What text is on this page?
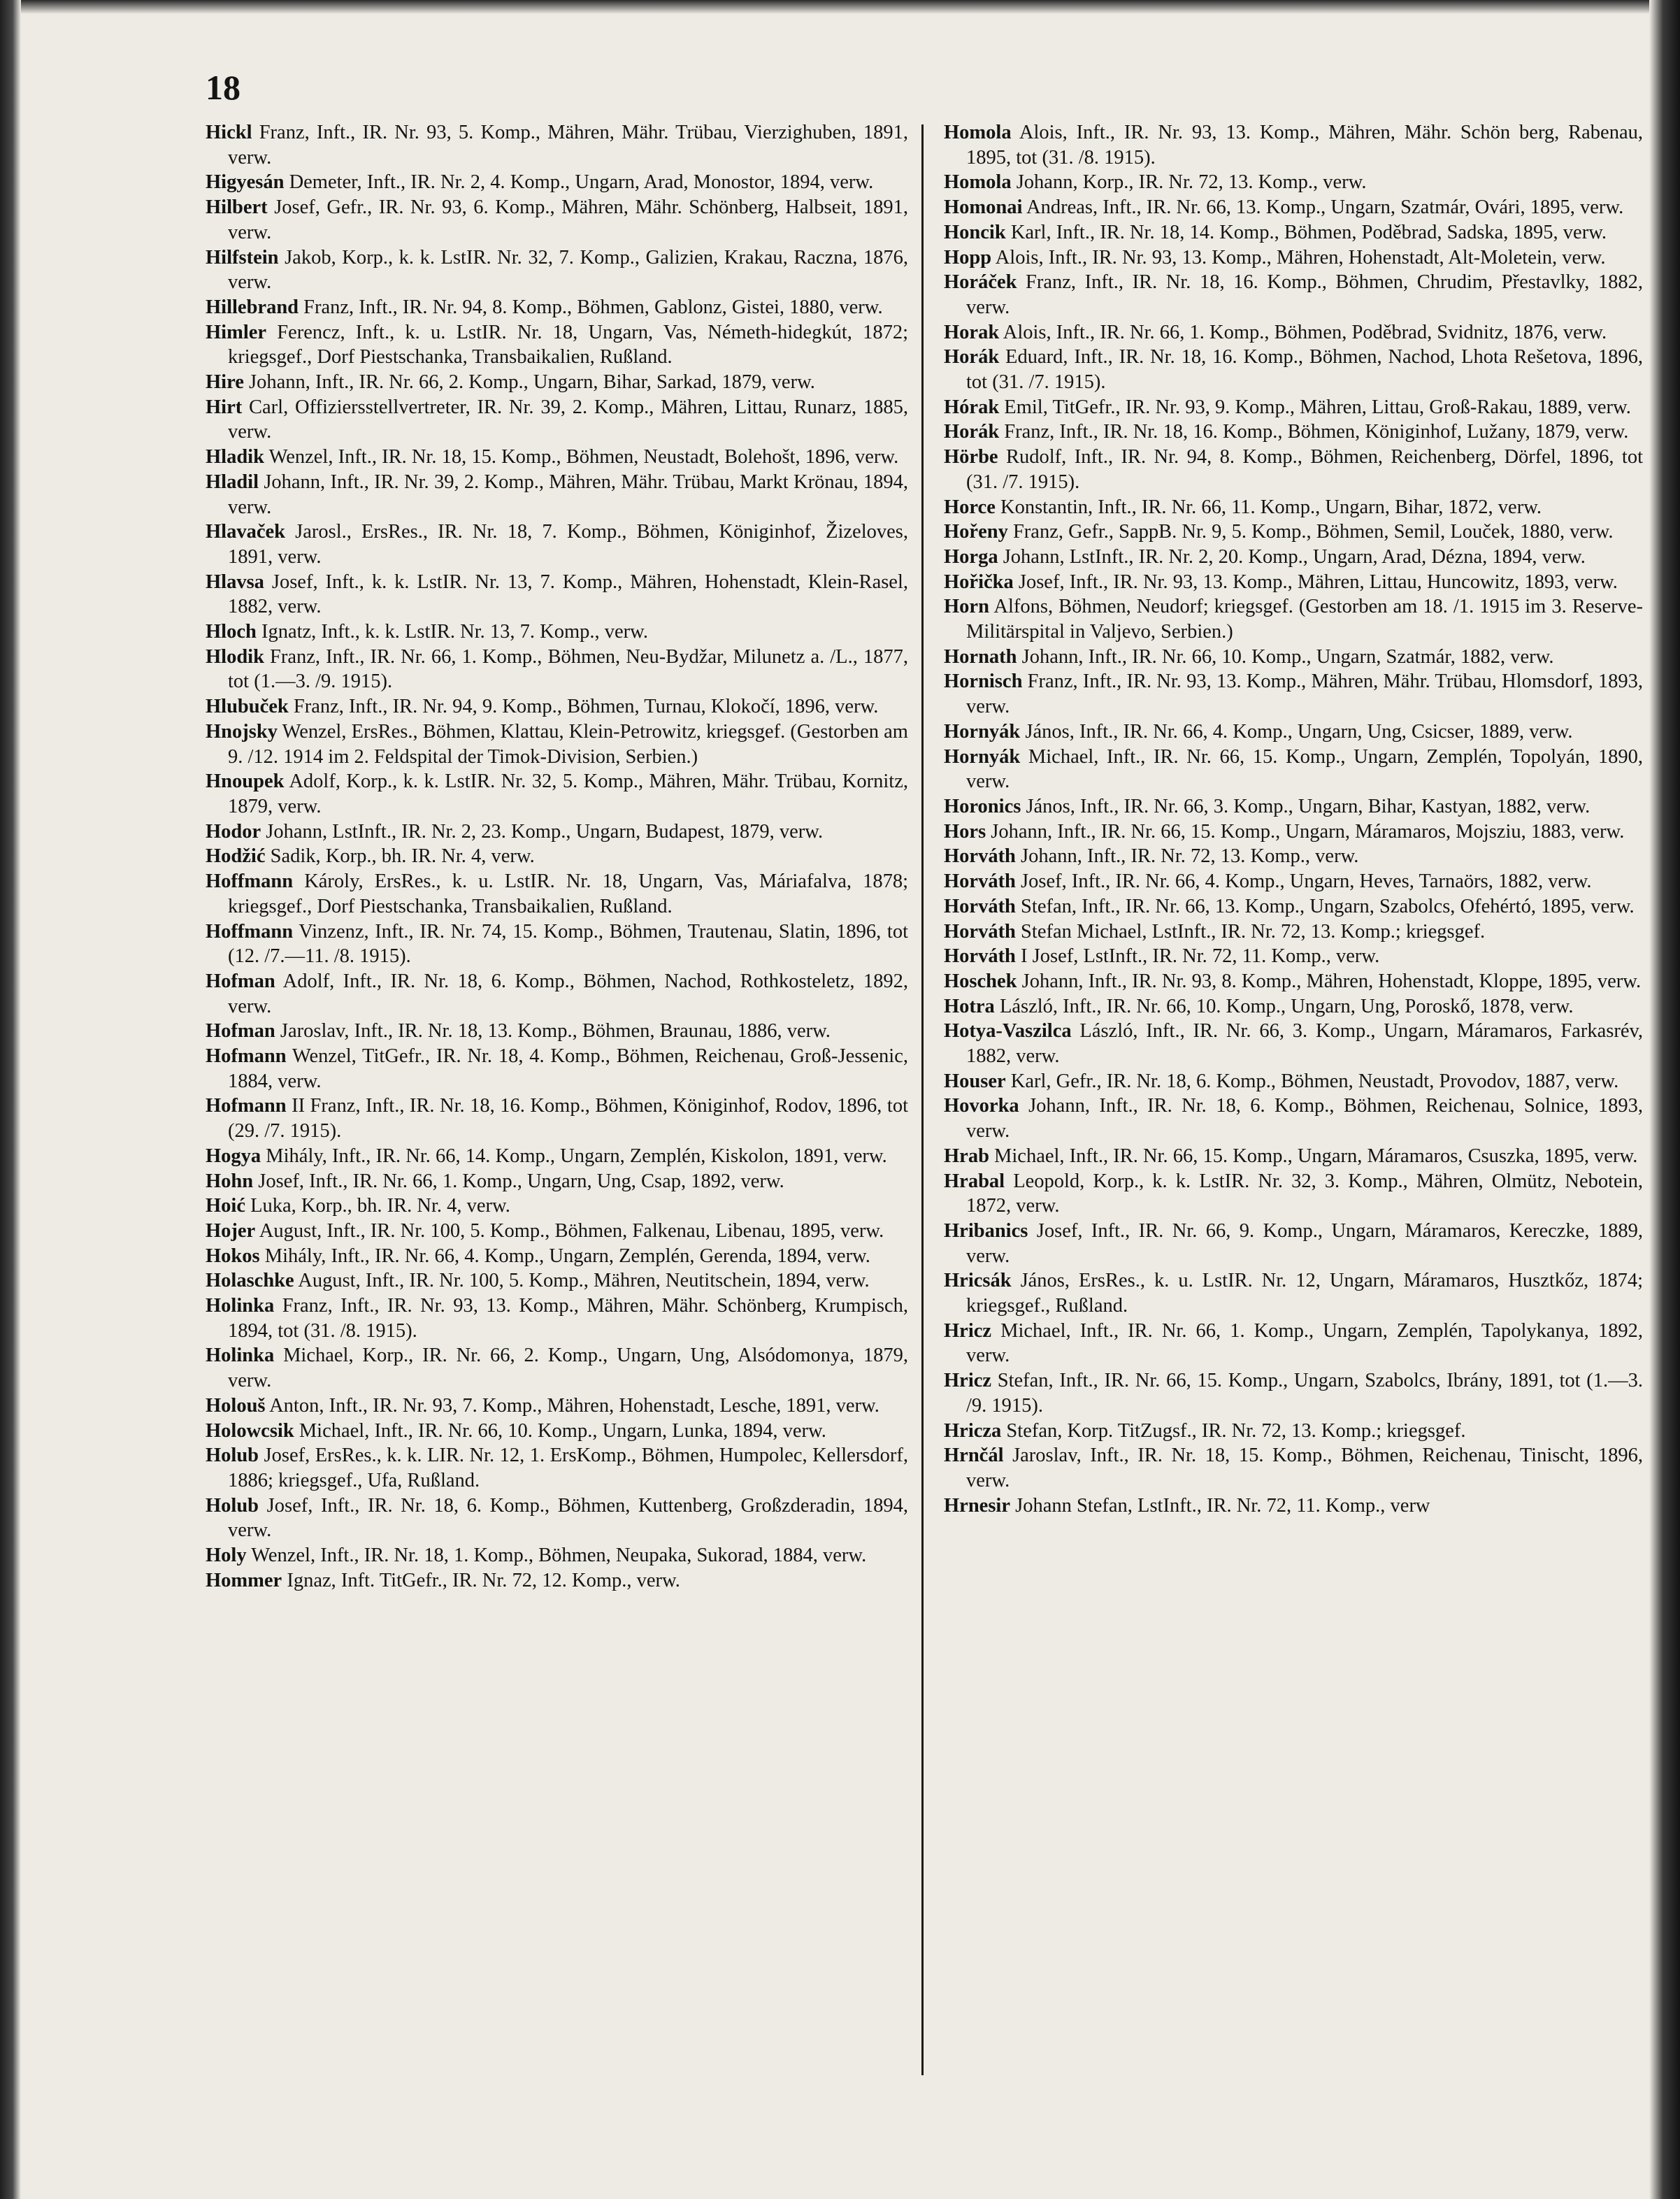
18

Hickl Franz, Inft., IR. Nr. 93, 5. Komp., Mähren, Mähr. Trübau, Vierzighuben, 1891, verw.

Higyesán Demeter, Inft., IR. Nr. 2, 4. Komp., Ungarn, Arad, Monostor, 1894, verw.

Hilbert Josef, Gefr., IR. Nr. 93, 6. Komp., Mähren, Mähr. Schönberg, Halbseit, 1891, verw.

Hilfstein Jakob, Korp., k. k. LstIR. Nr. 32, 7. Komp., Galizien, Krakau, Raczna, 1876, verw.

Hillebrand Franz, Inft., IR. Nr. 94, 8. Komp., Böhmen, Gablonz, Gistei, 1880, verw.

Himler Ferencz, Inft., k. u. LstIR. Nr. 18, Ungarn, Vas, Németh-hidegkút, 1872; kriegsgef., Dorf Piestschanka, Transbaikalien, Rußland.

Hire Johann, Inft., IR. Nr. 66, 2. Komp., Ungarn, Bihar, Sarkad, 1879, verw.

Hirt Carl, Offiziersstellvertreter, IR. Nr. 39, 2. Komp., Mähren, Littau, Runarz, 1885, verw.

Hladik Wenzel, Inft., IR. Nr. 18, 15. Komp., Böhmen, Neustadt, Bolehošt, 1896, verw.

Hladil Johann, Inft., IR. Nr. 39, 2. Komp., Mähren, Mähr. Trübau, Markt Krönau, 1894, verw.

Hlavaček Jarosl., ErsRes., IR. Nr. 18, 7. Komp., Böhmen, Königinhof, Žizeloves, 1891, verw.

Hlavsa Josef, Inft., k. k. LstIR. Nr. 13, 7. Komp., Mähren, Hohenstadt, Klein-Rasel, 1882, verw.

Hloch Ignatz, Inft., k. k. LstIR. Nr. 13, 7. Komp., verw.

Hlodik Franz, Inft., IR. Nr. 66, 1. Komp., Böhmen, Neu-Bydžar, Milunetz a. /L., 1877, tot (1.—3. /9. 1915).

Hlubuček Franz, Inft., IR. Nr. 94, 9. Komp., Böhmen, Turnau, Klokočí, 1896, verw.

Hnojsky Wenzel, ErsRes., Böhmen, Klattau, Klein-Petrowitz, kriegsgef. (Gestorben am 9. /12. 1914 im 2. Feldspital der Timok-Division, Serbien.)

Hnoupek Adolf, Korp., k. k. LstIR. Nr. 32, 5. Komp., Mähren, Mähr. Trübau, Kornitz, 1879, verw.

Hodor Johann, LstInft., IR. Nr. 2, 23. Komp., Ungarn, Budapest, 1879, verw.

Hodžić Sadik, Korp., bh. IR. Nr. 4, verw.

Hoffmann Károly, ErsRes., k. u. LstIR. Nr. 18, Ungarn, Vas, Máriafalva, 1878; kriegsgef., Dorf Piestschanka, Transbaikalien, Rußland.

Hoffmann Vinzenz, Inft., IR. Nr. 74, 15. Komp., Böhmen, Trautenau, Slatin, 1896, tot (12. /7.—11. /8. 1915).

Hofman Adolf, Inft., IR. Nr. 18, 6. Komp., Böhmen, Nachod, Rothkosteletz, 1892, verw.

Hofman Jaroslav, Inft., IR. Nr. 18, 13. Komp., Böhmen, Braunau, 1886, verw.

Hofmann Wenzel, TitGefr., IR. Nr. 18, 4. Komp., Böhmen, Reichenau, Groß-Jessenic, 1884, verw.

Hofmann II Franz, Inft., IR. Nr. 18, 16. Komp., Böhmen, Königinhof, Rodov, 1896, tot (29. /7. 1915).

Hogya Mihály, Inft., IR. Nr. 66, 14. Komp., Ungarn, Zemplén, Kiskolon, 1891, verw.

Hohn Josef, Inft., IR. Nr. 66, 1. Komp., Ungarn, Ung, Csap, 1892, verw.

Hoić Luka, Korp., bh. IR. Nr. 4, verw.

Hojer August, Inft., IR. Nr. 100, 5. Komp., Böhmen, Falkenau, Libenau, 1895, verw.

Hokos Mihály, Inft., IR. Nr. 66, 4. Komp., Ungarn, Zemplén, Gerenda, 1894, verw.

Holaschke August, Inft., IR. Nr. 100, 5. Komp., Mähren, Neutitschein, 1894, verw.

Holinka Franz, Inft., IR. Nr. 93, 13. Komp., Mähren, Mähr. Schönberg, Krumpisch, 1894, tot (31. /8. 1915).

Holinka Michael, Korp., IR. Nr. 66, 2. Komp., Ungarn, Ung, Alsódomonya, 1879, verw.

Holouš Anton, Inft., IR. Nr. 93, 7. Komp., Mähren, Hohenstadt, Lesche, 1891, verw.

Holowcsik Michael, Inft., IR. Nr. 66, 10. Komp., Ungarn, Lunka, 1894, verw.

Holub Josef, ErsRes., k. k. LIR. Nr. 12, 1. ErsKomp., Böhmen, Humpolec, Kellersdorf, 1886; kriegsgef., Ufa, Rußland.

Holub Josef, Inft., IR. Nr. 18, 6. Komp., Böhmen, Kuttenberg, Großzderadin, 1894, verw.

Holy Wenzel, Inft., IR. Nr. 18, 1. Komp., Böhmen, Neupaka, Sukorad, 1884, verw.

Hommer Ignaz, Inft. TitGefr., IR. Nr. 72, 12. Komp., verw.

Homola Alois, Inft., IR. Nr. 93, 13. Komp., Mähren, Mähr. Schön berg, Rabenau, 1895, tot (31. /8. 1915).

Homola Johann, Korp., IR. Nr. 72, 13. Komp., verw.

Homonai Andreas, Inft., IR. Nr. 66, 13. Komp., Ungarn, Szatmár, Ovári, 1895, verw.

Honcik Karl, Inft., IR. Nr. 18, 14. Komp., Böhmen, Poděbrad, Sadska, 1895, verw.

Hopp Alois, Inft., IR. Nr. 93, 13. Komp., Mähren, Hohenstadt, Alt-Moletein, verw.

Horáček Franz, Inft., IR. Nr. 18, 16. Komp., Böhmen, Chrudim, Přestavlky, 1882, verw.

Horak Alois, Inft., IR. Nr. 66, 1. Komp., Böhmen, Poděbrad, Svidnitz, 1876, verw.

Horák Eduard, Inft., IR. Nr. 18, 16. Komp., Böhmen, Nachod, Lhota Rešetova, 1896, tot (31. /7. 1915).

Hórak Emil, TitGefr., IR. Nr. 93, 9. Komp., Mähren, Littau, Groß-Rakau, 1889, verw.

Horák Franz, Inft., IR. Nr. 18, 16. Komp., Böhmen, Königinhof, Lužany, 1879, verw.

Hörbe Rudolf, Inft., IR. Nr. 94, 8. Komp., Böhmen, Reichenberg, Dörfel, 1896, tot (31. /7. 1915).

Horce Konstantin, Inft., IR. Nr. 66, 11. Komp., Ungarn, Bihar, 1872, verw.

Hořeny Franz, Gefr., SappB. Nr. 9, 5. Komp., Böhmen, Semil, Louček, 1880, verw.

Horga Johann, LstInft., IR. Nr. 2, 20. Komp., Ungarn, Arad, Dézna, 1894, verw.

Hořička Josef, Inft., IR. Nr. 93, 13. Komp., Mähren, Littau, Huncowitz, 1893, verw.

Horn Alfons, Böhmen, Neudorf; kriegsgef. (Gestorben am 18. /1. 1915 im 3. Reserve-Militärspital in Valjevo, Serbien.)

Hornath Johann, Inft., IR. Nr. 66, 10. Komp., Ungarn, Szatmár, 1882, verw.

Hornisch Franz, Inft., IR. Nr. 93, 13. Komp., Mähren, Mähr. Trübau, Hlomsdorf, 1893, verw.

Hornyák János, Inft., IR. Nr. 66, 4. Komp., Ungarn, Ung, Csicser, 1889, verw.

Hornyák Michael, Inft., IR. Nr. 66, 15. Komp., Ungarn, Zemplén, Topolyán, 1890, verw.

Horonics János, Inft., IR. Nr. 66, 3. Komp., Ungarn, Bihar, Kastyan, 1882, verw.

Hors Johann, Inft., IR. Nr. 66, 15. Komp., Ungarn, Máramaros, Mojsziu, 1883, verw.

Horváth Johann, Inft., IR. Nr. 72, 13. Komp., verw.

Horváth Josef, Inft., IR. Nr. 66, 4. Komp., Ungarn, Heves, Tarnaörs, 1882, verw.

Horváth Stefan, Inft., IR. Nr. 66, 13. Komp., Ungarn, Szabolcs, Ofehértó, 1895, verw.

Horváth Stefan Michael, LstInft., IR. Nr. 72, 13. Komp.; kriegsgef.

Horváth I Josef, LstInft., IR. Nr. 72, 11. Komp., verw.

Hoschek Johann, Inft., IR. Nr. 93, 8. Komp., Mähren, Hohenstadt, Kloppe, 1895, verw.

Hotra László, Inft., IR. Nr. 66, 10. Komp., Ungarn, Ung, Poroskő, 1878, verw.

Hotya-Vaszilca László, Inft., IR. Nr. 66, 3. Komp., Ungarn, Máramaros, Farkasrév, 1882, verw.

Houser Karl, Gefr., IR. Nr. 18, 6. Komp., Böhmen, Neustadt, Provodov, 1887, verw.

Hovorka Johann, Inft., IR. Nr. 18, 6. Komp., Böhmen, Reichenau, Solnice, 1893, verw.

Hrab Michael, Inft., IR. Nr. 66, 15. Komp., Ungarn, Máramaros, Csuszka, 1895, verw.

Hrabal Leopold, Korp., k. k. LstIR. Nr. 32, 3. Komp., Mähren, Olmütz, Nebotein, 1872, verw.

Hribanics Josef, Inft., IR. Nr. 66, 9. Komp., Ungarn, Máramaros, Kereczke, 1889, verw.

Hricsák János, ErsRes., k. u. LstIR. Nr. 12, Ungarn, Máramaros, Husztkőz, 1874; kriegsgef., Rußland.

Hricz Michael, Inft., IR. Nr. 66, 1. Komp., Ungarn, Zemplén, Tapolykanya, 1892, verw.

Hricz Stefan, Inft., IR. Nr. 66, 15. Komp., Ungarn, Szabolcs, Ibrány, 1891, tot (1.—3. /9. 1915).

Hricza Stefan, Korp. TitZugsf., IR. Nr. 72, 13. Komp.; kriegsgef.

Hrnčál Jaroslav, Inft., IR. Nr. 18, 15. Komp., Böhmen, Reichenau, Tinischt, 1896, verw.

Hrnesir Johann Stefan, LstInft., IR. Nr. 72, 11. Komp., verw
